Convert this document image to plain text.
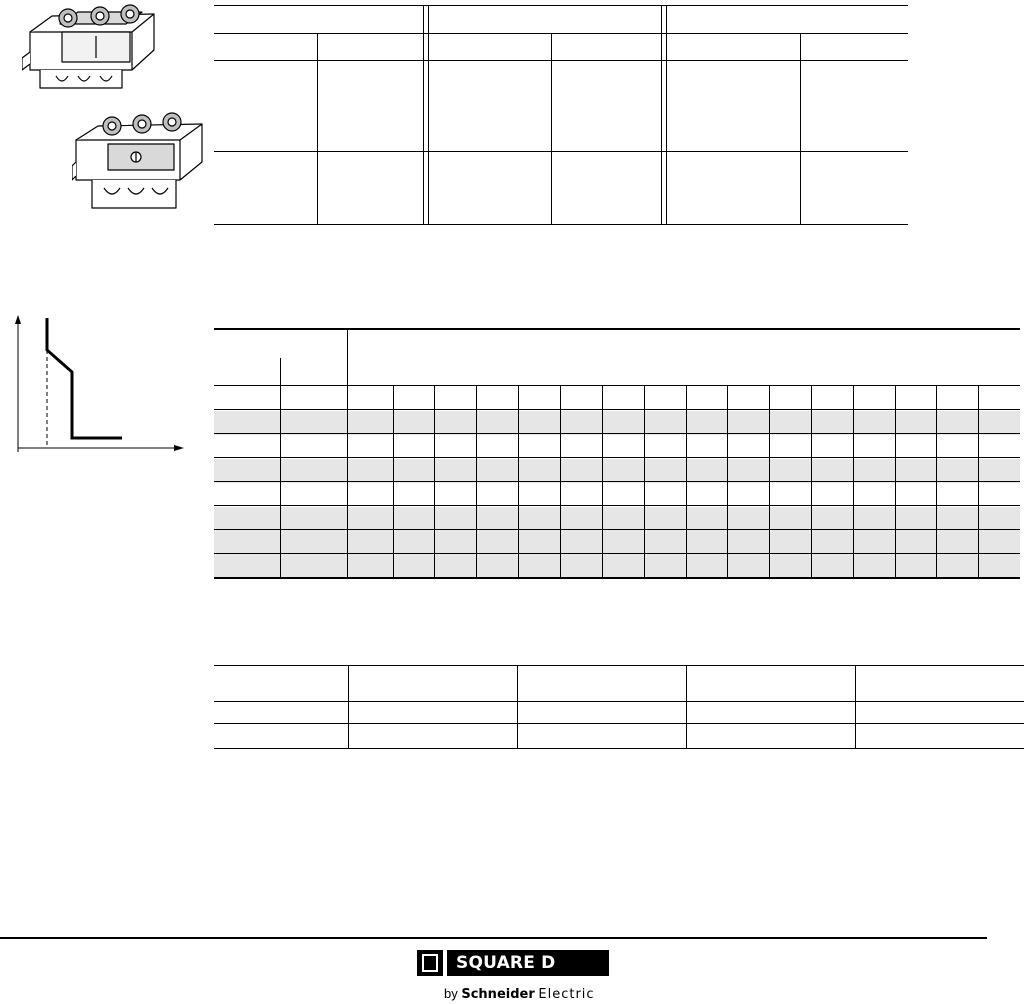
SQUARE D
by Schneider Electric
